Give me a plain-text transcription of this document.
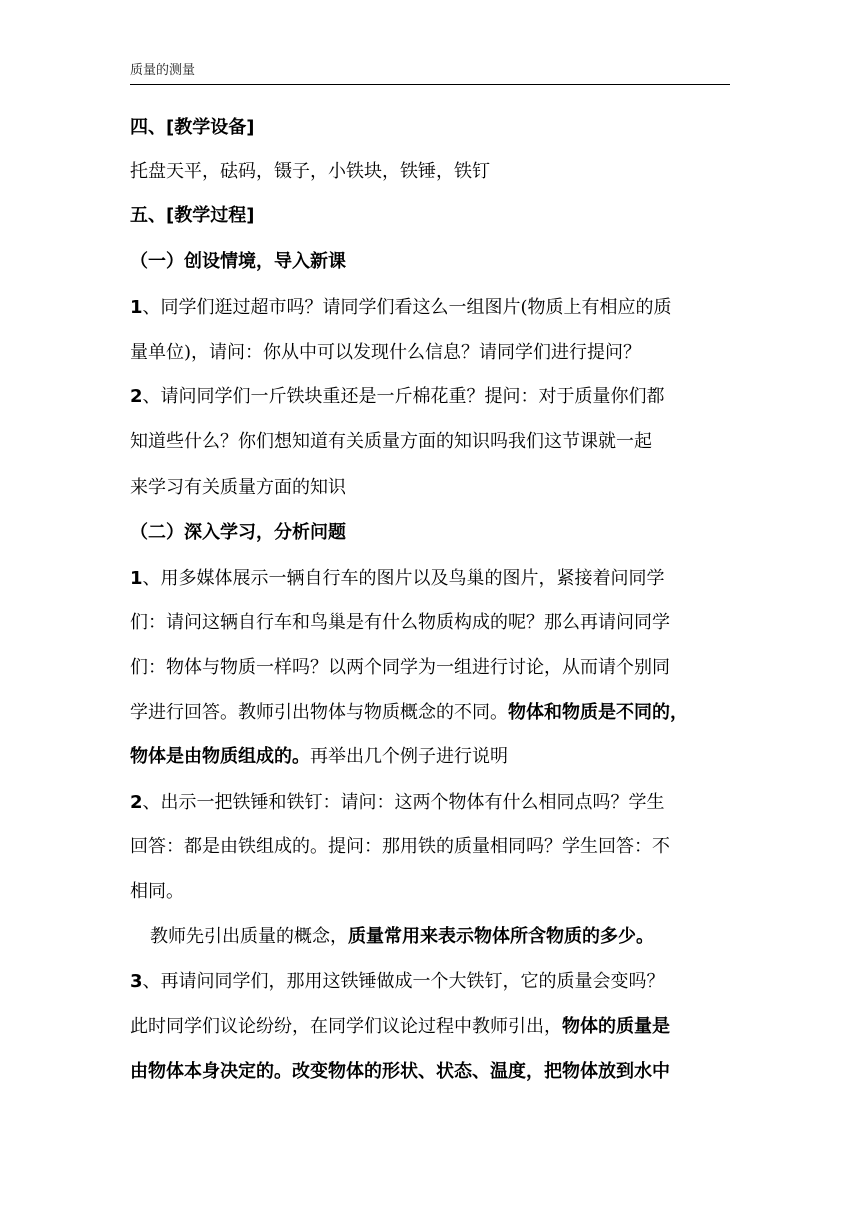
质量的测量
四、[教学设备]
托盘天平，砝码，镊子，小铁块，铁锤，铁钉
五、[教学过程]
（一）创设情境，导入新课
1、同学们逛过超市吗？请同学们看这么一组图片(物质上有相应的质
量单位)，请问：你从中可以发现什么信息？请同学们进行提问？
2、请问同学们一斤铁块重还是一斤棉花重？提问：对于质量你们都
知道些什么？你们想知道有关质量方面的知识吗我们这节课就一起
来学习有关质量方面的知识
（二）深入学习，分析问题
1、用多媒体展示一辆自行车的图片以及鸟巢的图片，紧接着问同学
们：请问这辆自行车和鸟巢是有什么物质构成的呢？那么再请问同学
们：物体与物质一样吗？以两个同学为一组进行讨论，从而请个别同
学进行回答。教师引出物体与物质概念的不同。物体和物质是不同的，
物体是由物质组成的。再举出几个例子进行说明
2、出示一把铁锤和铁钉：请问：这两个物体有什么相同点吗？学生
回答：都是由铁组成的。提问：那用铁的质量相同吗？学生回答：不
相同。
教师先引出质量的概念，质量常用来表示物体所含物质的多少。
3、再请问同学们，那用这铁锤做成一个大铁钉，它的质量会变吗？
此时同学们议论纷纷，在同学们议论过程中教师引出，物体的质量是
由物体本身决定的。改变物体的形状、状态、温度，把物体放到水中
